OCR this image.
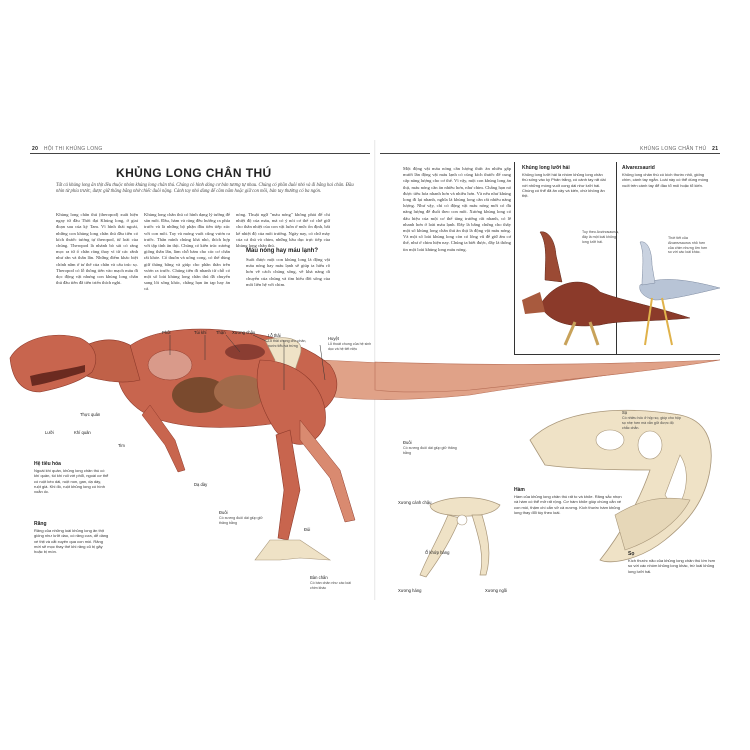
20 HỘI THI KHỦNG LONG	KHỦNG LONG CHÂN THÚ 21
KHỦNG LONG CHÂN THÚ
Tất cả khủng long ăn thịt đều thuộc nhóm khủng long chân thú. Chúng có hình dáng cơ bản tương tự nhau. Chúng có phần đuôi nhỏ và đi bằng hai chân. Đầu nhìn từ phía trước, được giữ thăng bằng nhờ chiếc đuôi nặng. Cánh tay nhỏ dùng để cầm nắm hoặc giữ con mồi, bàn tay thường có ba ngón.
Khủng long chân thú (theropod) xuất hiện ngay từ đầu Thời đại Khủng long, ở giai đoạn sau của kỷ Tam. Vì hình thái ngoài, những con khủng long chân thú đầu tiên có kích thước tương tự theropod, từ loài của chúng. Theropod là nhánh bò sát có răng mọc ra từ ổ chân răng thay vì từ các rãnh như rắn và thằn lằn. Những điểm khác biệt chính nằm ở tư thế của chân và cấu trúc sọ. Theropod có lỗ thông tiến vào mạch máu đi dọc động vật nhưng con khủng long chân thú đầu tiên đã tiến triển thích nghi.
Khủng long chân thú có hình dạng lý tưởng để săn mồi. Đầu, hàm và răng đều hướng ra phía trước và là những bộ phận đầu tiên tiếp xúc với con mồi. Tay và móng vuốt cũng vươn ra trước. Thân mình chúng khá nhỏ, thích hợp với tập tính ăn thịt. Chúng có kiến trúc xương giống thằn lằn, làm chỗ bám cho các cơ chân rất khỏe. Cổ thuôn và uống cong, có thể dùng giữ thăng bằng và giúp cho phần thân trên vươn ra trước. Chúng tiến đi nhanh từ chỗ có một số loài khủng long chân thú đã chuyển sang lối sống khác, chẳng hạn ăn tạp hay ăn cá.
nóng. Thuật ngữ "máu nóng" không phải để chỉ nhiệt độ của máu, mà có ý nói cơ thể có chế giữ cho thân nhiệt của con vật luôn ở mức ổn định, bất kể nhiệt độ của môi trường. Ngày nay, có chứ mày của cả thú và chim, những bầu dục trực tiếp của khủng long chân thú.
Máu nóng hay máu lạnh?
Suốt được một con khủng long là động vật máu nóng hay máu lạnh sẽ giúp ta hiểu rõ hơn về cách chúng sống, về khả năng di chuyển của chúng và tìm hiểu đời sống của mối liên hệ với chim.
Phổi	Túi khí Thận Xương chậu
Lỗ thải
Lỗ thải chung cho phân, nước tiểu và trứng
Huyệt
Lỗ thoát chung của hệ sinh dục và hệ tiết niệu
Thực quản
Lưỡi	Khí quản
Tim
Dạ dày
Đùi
Bàn chân
Có bàn chân như các loài chim khác
Đuôi
Có xương đuôi dài giúp giữ thăng bằng
Hệ tiêu hóa
Ngoài khí quản, khủng long chân thú có khí quản, túi khí nối với phổi, ngoài cơ thể có ruột kéo dài, ruột non, gan, dạ dày, ruột già. Khi đó, ruột khủng long có hình xoắn ốc.
Răng
Răng của những loài khủng long ăn thịt giống như lưỡi dao, có răng cưa, dễ dàng xé thịt và cắt xuyên qua con mồi. Răng mới sẽ mọc thay thế khi răng cũ bị gãy hoặc bị mòn.
Một động vật máu nóng cần lượng thức ăn nhiều gấp mười lần động vật máu lạnh có cùng kích thước để cung cấp năng lượng cho cơ thể. Vì vậy, một con khủng long ăn thịt, máu nóng cần ăn nhiều hơn, như chim. Chẳng hạn nó được tiêu hóa nhanh hơn và nhiều hơn. Và nếu như khủng long đi lại nhanh, nghĩa là khủng long cần rất nhiều năng lượng. Như vậy, chỉ có động vật máu nóng mới có đủ năng lượng để đuổi theo con mồi. Xương khủng long có dấu hiệu của một cơ thể tăng trưởng rất nhanh, có lẽ nhanh hơn ở loài máu lạnh. Đây là bằng chứng cho thấy một số khủng long chân thú ăn thịt là động vật máu nóng. Và một số loài khủng long còn có lông vũ để giữ ấm cơ thể, như ở chim hiện nay. Chúng ta biết được, đây là thông tin một loài khủng long máu nóng.
Khủng long lưỡi hái
Khủng long lưỡi hái là nhóm khủng long chân thú sống vào kỷ Phấn trắng, có cánh tay rất dài với những móng vuốt cong dài như lưỡi hái. Chúng có thể đã ăn cây và kiến, chứ không ăn thịt.
Alvarezsaurid
Khủng long chân thú có kích thước nhỏ, giống chim, cánh tay ngắn. Loài này có thể dùng móng vuốt trên cánh tay để đào tổ mối hoặc tổ kiến.
Tuy theo Axzinosaurus, đây là một loài khủng long lưỡi hái.
Thời tiết của Alvarezsaurus nhỏ hơn của chim nhưng lớn hơn so với các loài khác.
Đuôi
Có xương đuôi dài giúp giữ thăng bằng
Xương cánh chậu
Ổ khớp háng
Xương háng	Xương ngồi
Hàm
Hàm của khủng long chân thú rất to và khỏe. Răng sắc nhọn và hàm có thể mở rất rộng. Cơ hàm khỏe giúp chúng cắn xé con mồi, thậm chí cắn vỡ cả xương. Kích thước hàm khủng long thay đổi tùy theo loài.
Sọ
Kích thước não của khủng long chân thú lớn hơn so với các nhóm khủng long khác, trừ loài khủng long lưỡi hái.
Sọ
Có nhiều hốc ở hộp sọ, giúp cho hộp sọ nhẹ hơn mà vẫn giữ được độ chắc chắn.
